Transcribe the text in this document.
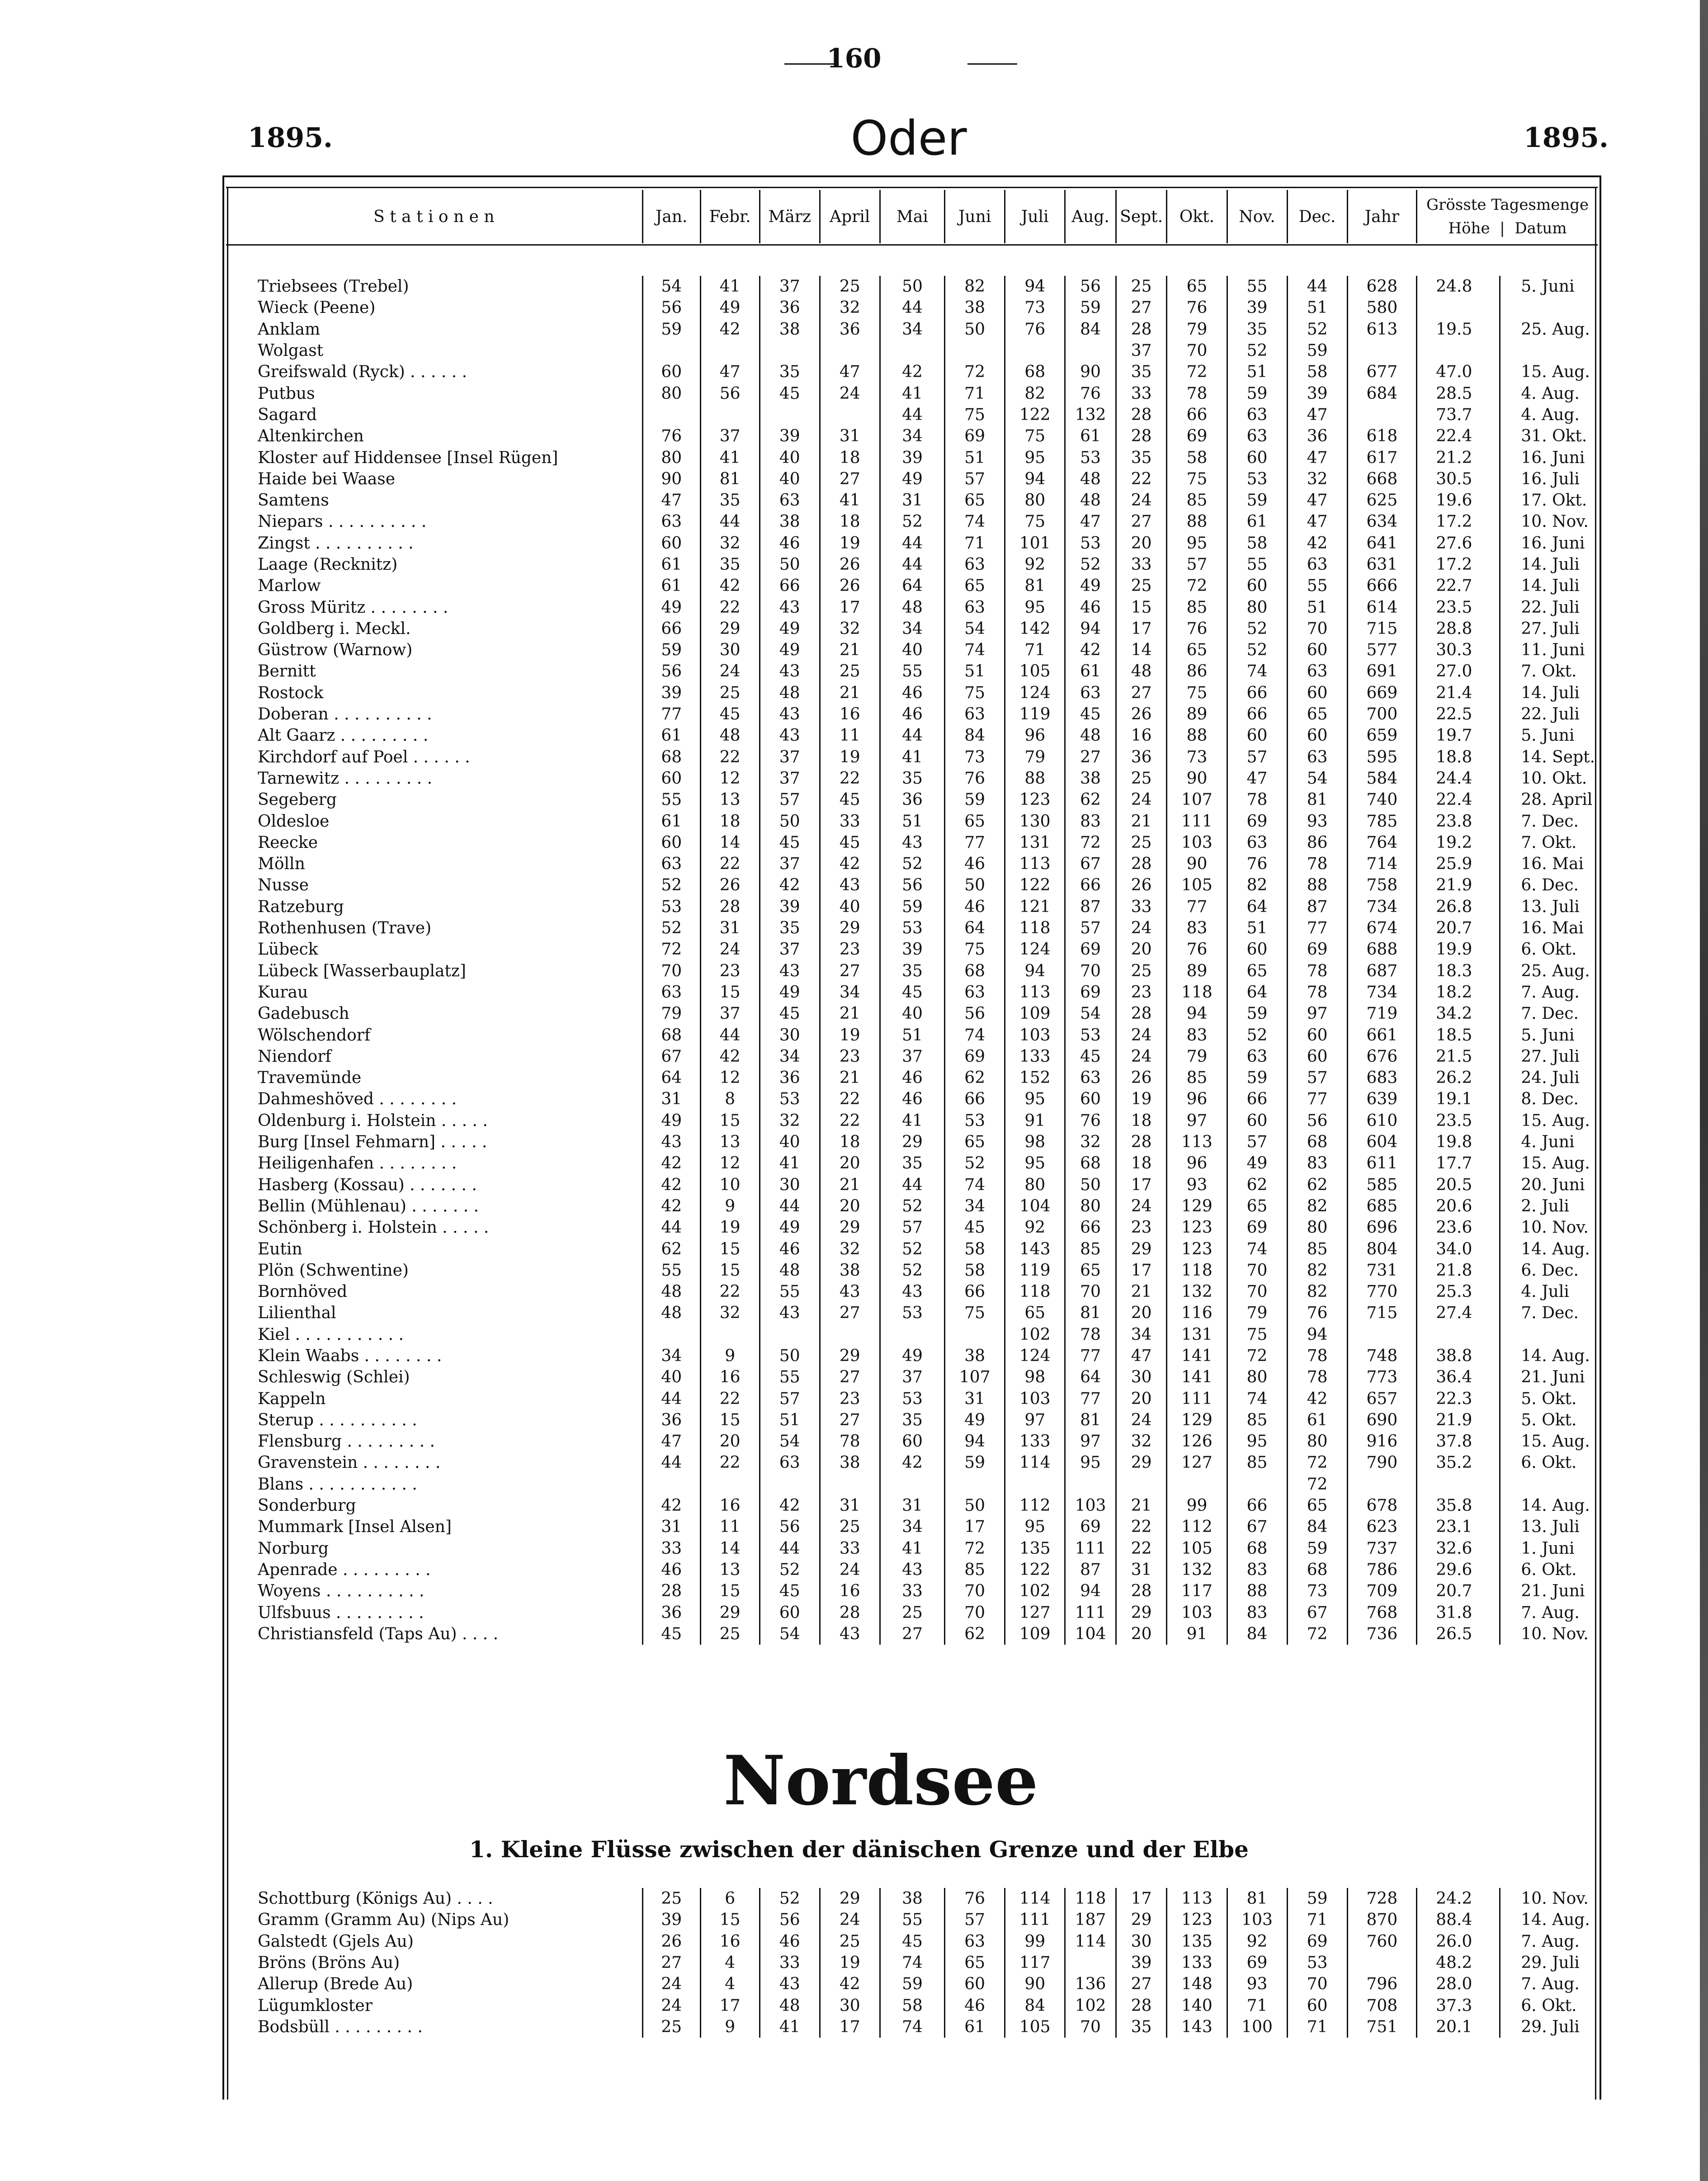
160
1895.	Oder	1895.
S t a t i o n e n	Jan.	Febr.	März	April	Mai	Juni	Juli	Aug.	Sept.	Okt.	Nov.	Dec.	Jahr	
Grösste Tagesmenge
Höhe  |  Datum
Triebsees (Trebel)	54	41	37	25	50	82	94	56	25	65	55	44	628	24.8	5. Juni
Wieck (Peene)	56	49	36	32	44	38	73	59	27	76	39	51	580		
Anklam	59	42	38	36	34	50	76	84	28	79	35	52	613	19.5	25. Aug.
Wolgast									37	70	52	59			
Greifswald (Ryck) . . . . . .	60	47	35	47	42	72	68	90	35	72	51	58	677	47.0	15. Aug.
Putbus	80	56	45	24	41	71	82	76	33	78	59	39	684	28.5	4. Aug.
Sagard					44	75	122	132	28	66	63	47		73.7	4. Aug.
Altenkirchen	76	37	39	31	34	69	75	61	28	69	63	36	618	22.4	31. Okt.
Kloster auf Hiddensee [Insel Rügen]	80	41	40	18	39	51	95	53	35	58	60	47	617	21.2	16. Juni
Haide bei Waase	90	81	40	27	49	57	94	48	22	75	53	32	668	30.5	16. Juli
Samtens	47	35	63	41	31	65	80	48	24	85	59	47	625	19.6	17. Okt.
Niepars . . . . . . . . . .	63	44	38	18	52	74	75	47	27	88	61	47	634	17.2	10. Nov.
Zingst . . . . . . . . . .	60	32	46	19	44	71	101	53	20	95	58	42	641	27.6	16. Juni
Laage (Recknitz)	61	35	50	26	44	63	92	52	33	57	55	63	631	17.2	14. Juli
Marlow	61	42	66	26	64	65	81	49	25	72	60	55	666	22.7	14. Juli
Gross Müritz . . . . . . . .	49	22	43	17	48	63	95	46	15	85	80	51	614	23.5	22. Juli
Goldberg i. Meckl.	66	29	49	32	34	54	142	94	17	76	52	70	715	28.8	27. Juli
Güstrow (Warnow)	59	30	49	21	40	74	71	42	14	65	52	60	577	30.3	11. Juni
Bernitt	56	24	43	25	55	51	105	61	48	86	74	63	691	27.0	7. Okt.
Rostock	39	25	48	21	46	75	124	63	27	75	66	60	669	21.4	14. Juli
Doberan . . . . . . . . . .	77	45	43	16	46	63	119	45	26	89	66	65	700	22.5	22. Juli
Alt Gaarz . . . . . . . . .	61	48	43	11	44	84	96	48	16	88	60	60	659	19.7	5. Juni
Kirchdorf auf Poel . . . . . .	68	22	37	19	41	73	79	27	36	73	57	63	595	18.8	14. Sept.
Tarnewitz . . . . . . . . .	60	12	37	22	35	76	88	38	25	90	47	54	584	24.4	10. Okt.
Segeberg	55	13	57	45	36	59	123	62	24	107	78	81	740	22.4	28. April
Oldesloe	61	18	50	33	51	65	130	83	21	111	69	93	785	23.8	7. Dec.
Reecke	60	14	45	45	43	77	131	72	25	103	63	86	764	19.2	7. Okt.
Mölln	63	22	37	42	52	46	113	67	28	90	76	78	714	25.9	16. Mai
Nusse	52	26	42	43	56	50	122	66	26	105	82	88	758	21.9	6. Dec.
Ratzeburg	53	28	39	40	59	46	121	87	33	77	64	87	734	26.8	13. Juli
Rothenhusen (Trave)	52	31	35	29	53	64	118	57	24	83	51	77	674	20.7	16. Mai
Lübeck	72	24	37	23	39	75	124	69	20	76	60	69	688	19.9	6. Okt.
Lübeck [Wasserbauplatz]	70	23	43	27	35	68	94	70	25	89	65	78	687	18.3	25. Aug.
Kurau	63	15	49	34	45	63	113	69	23	118	64	78	734	18.2	7. Aug.
Gadebusch	79	37	45	21	40	56	109	54	28	94	59	97	719	34.2	7. Dec.
Wölschendorf	68	44	30	19	51	74	103	53	24	83	52	60	661	18.5	5. Juni
Niendorf	67	42	34	23	37	69	133	45	24	79	63	60	676	21.5	27. Juli
Travemünde	64	12	36	21	46	62	152	63	26	85	59	57	683	26.2	24. Juli
Dahmeshöved . . . . . . . .	31	8	53	22	46	66	95	60	19	96	66	77	639	19.1	8. Dec.
Oldenburg i. Holstein . . . . .	49	15	32	22	41	53	91	76	18	97	60	56	610	23.5	15. Aug.
Burg [Insel Fehmarn] . . . . .	43	13	40	18	29	65	98	32	28	113	57	68	604	19.8	4. Juni
Heiligenhafen . . . . . . . .	42	12	41	20	35	52	95	68	18	96	49	83	611	17.7	15. Aug.
Hasberg (Kossau) . . . . . . .	42	10	30	21	44	74	80	50	17	93	62	62	585	20.5	20. Juni
Bellin (Mühlenau) . . . . . . .	42	9	44	20	52	34	104	80	24	129	65	82	685	20.6	2. Juli
Schönberg i. Holstein . . . . .	44	19	49	29	57	45	92	66	23	123	69	80	696	23.6	10. Nov.
Eutin	62	15	46	32	52	58	143	85	29	123	74	85	804	34.0	14. Aug.
Plön (Schwentine)	55	15	48	38	52	58	119	65	17	118	70	82	731	21.8	6. Dec.
Bornhöved	48	22	55	43	43	66	118	70	21	132	70	82	770	25.3	4. Juli
Lilienthal	48	32	43	27	53	75	65	81	20	116	79	76	715	27.4	7. Dec.
Kiel . . . . . . . . . . .							102	78	34	131	75	94			
Klein Waabs . . . . . . . .	34	9	50	29	49	38	124	77	47	141	72	78	748	38.8	14. Aug.
Schleswig (Schlei)	40	16	55	27	37	107	98	64	30	141	80	78	773	36.4	21. Juni
Kappeln	44	22	57	23	53	31	103	77	20	111	74	42	657	22.3	5. Okt.
Sterup . . . . . . . . . .	36	15	51	27	35	49	97	81	24	129	85	61	690	21.9	5. Okt.
Flensburg . . . . . . . . .	47	20	54	78	60	94	133	97	32	126	95	80	916	37.8	15. Aug.
Gravenstein . . . . . . . .	44	22	63	38	42	59	114	95	29	127	85	72	790	35.2	6. Okt.
Blans . . . . . . . . . . .												72			
Sonderburg	42	16	42	31	31	50	112	103	21	99	66	65	678	35.8	14. Aug.
Mummark [Insel Alsen]	31	11	56	25	34	17	95	69	22	112	67	84	623	23.1	13. Juli
Norburg	33	14	44	33	41	72	135	111	22	105	68	59	737	32.6	1. Juni
Apenrade . . . . . . . . .	46	13	52	24	43	85	122	87	31	132	83	68	786	29.6	6. Okt.
Woyens . . . . . . . . . .	28	15	45	16	33	70	102	94	28	117	88	73	709	20.7	21. Juni
Ulfsbuus . . . . . . . . .	36	29	60	28	25	70	127	111	29	103	83	67	768	31.8	7. Aug.
Christiansfeld (Taps Au) . . . .	45	25	54	43	27	62	109	104	20	91	84	72	736	26.5	10. Nov.
Nordsee
1. Kleine Flüsse zwischen der dänischen Grenze und der Elbe
Schottburg (Königs Au) . . . .	25	6	52	29	38	76	114	118	17	113	81	59	728	24.2	10. Nov.
Gramm (Gramm Au) (Nips Au)	39	15	56	24	55	57	111	187	29	123	103	71	870	88.4	14. Aug.
Galstedt (Gjels Au)	26	16	46	25	45	63	99	114	30	135	92	69	760	26.0	7. Aug.
Bröns (Bröns Au)	27	4	33	19	74	65	117		39	133	69	53		48.2	29. Juli
Allerup (Brede Au)	24	4	43	42	59	60	90	136	27	148	93	70	796	28.0	7. Aug.
Lügumkloster	24	17	48	30	58	46	84	102	28	140	71	60	708	37.3	6. Okt.
Bodsbüll . . . . . . . . .	25	9	41	17	74	61	105	70	35	143	100	71	751	20.1	29. Juli
